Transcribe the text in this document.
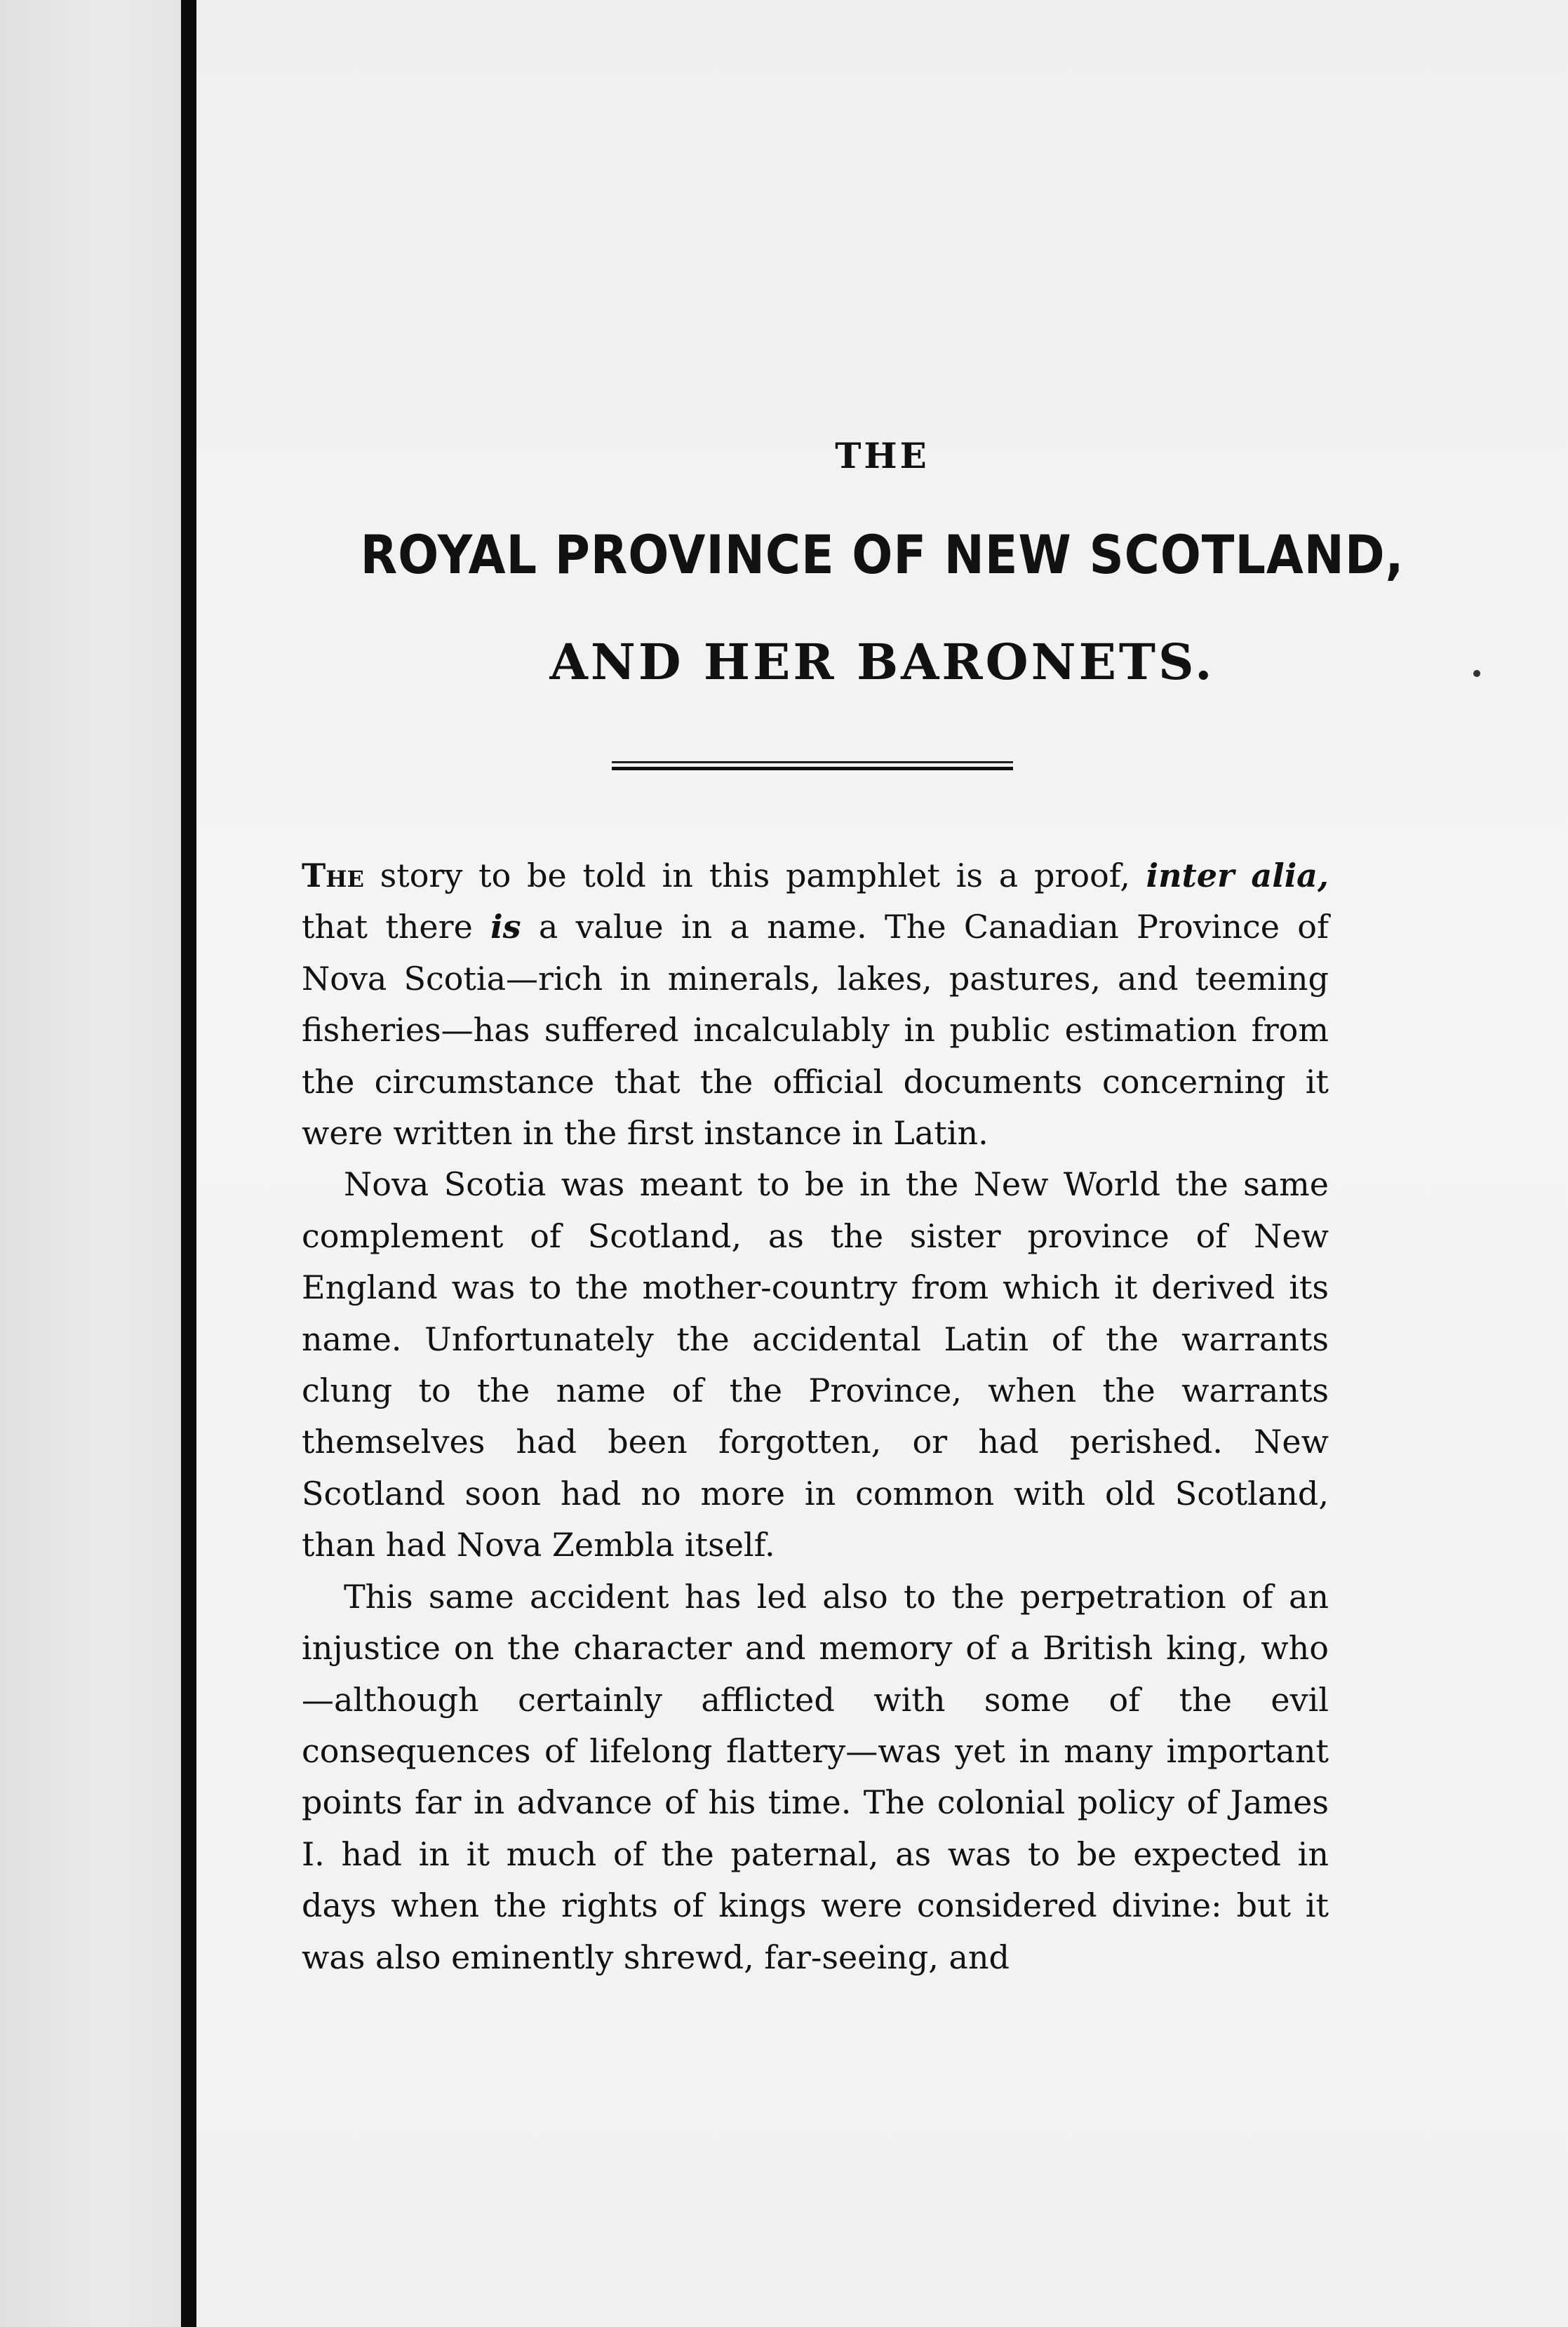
THE
ROYAL PROVINCE OF NEW SCOTLAND,
AND HER BARONETS.

The story to be told in this pamphlet is a proof, inter alia, that there is a value in a name. The Canadian Province of Nova Scotia—rich in minerals, lakes, pastures, and teeming fisheries—has suffered incalculably in public estimation from the circumstance that the official documents concerning it were written in the first instance in Latin.

Nova Scotia was meant to be in the New World the same complement of Scotland, as the sister province of New England was to the mother-country from which it derived its name. Unfortunately the accidental Latin of the warrants clung to the name of the Province, when the warrants themselves had been forgotten, or had perished. New Scotland soon had no more in common with old Scotland, than had Nova Zembla itself.

This same accident has led also to the perpetration of an injustice on the character and memory of a British king, who—although certainly afflicted with some of the evil consequences of lifelong flattery—was yet in many important points far in advance of his time. The colonial policy of James I. had in it much of the paternal, as was to be expected in days when the rights of kings were considered divine: but it was also eminently shrewd, far-seeing, and
